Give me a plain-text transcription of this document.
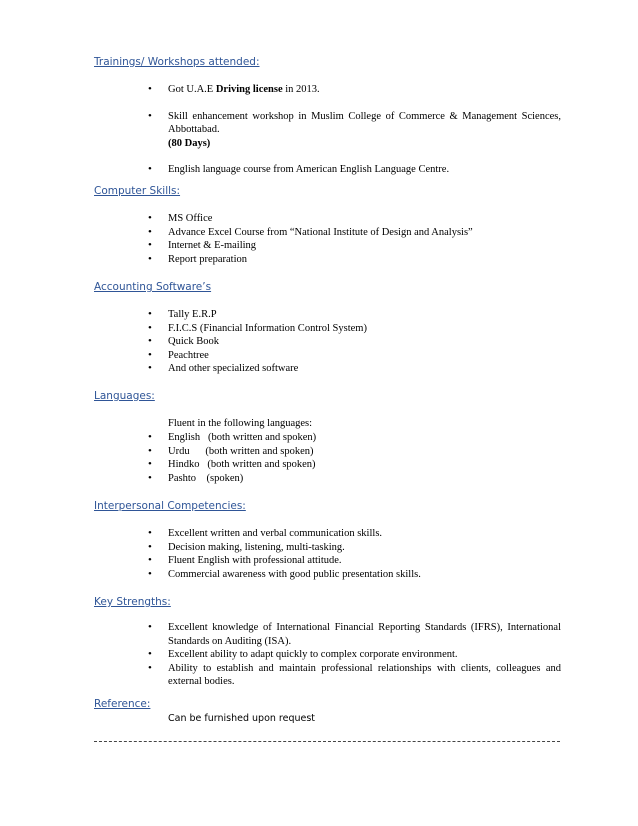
Trainings/ Workshops attended:
• Got U.A.E Driving license in 2013.
• Skill enhancement workshop in Muslim College of Commerce & Management Sciences, Abbottabad.
(80 Days)
• English language course from American English Language Centre.
Computer Skills:
• MS Office
• Advance Excel Course from “National Institute of Design and Analysis”
• Internet & E-mailing
• Report preparation
Accounting Software’s
• Tally E.R.P
• F.I.C.S (Financial Information Control System)
• Quick Book
• Peachtree
• And other specialized software
Languages:
Fluent in the following languages:
• English   (both written and spoken)
• Urdu      (both written and spoken)
• Hindko   (both written and spoken)
• Pashto    (spoken)
Interpersonal Competencies:
• Excellent written and verbal communication skills.
• Decision making, listening, multi-tasking.
• Fluent English with professional attitude.
• Commercial awareness with good public presentation skills.
Key Strengths:
• Excellent knowledge of International Financial Reporting Standards (IFRS), International Standards on Auditing (ISA).
• Excellent ability to adapt quickly to complex corporate environment.
• Ability to establish and maintain professional relationships with clients, colleagues and external bodies.
Reference:
Can be furnished upon request
